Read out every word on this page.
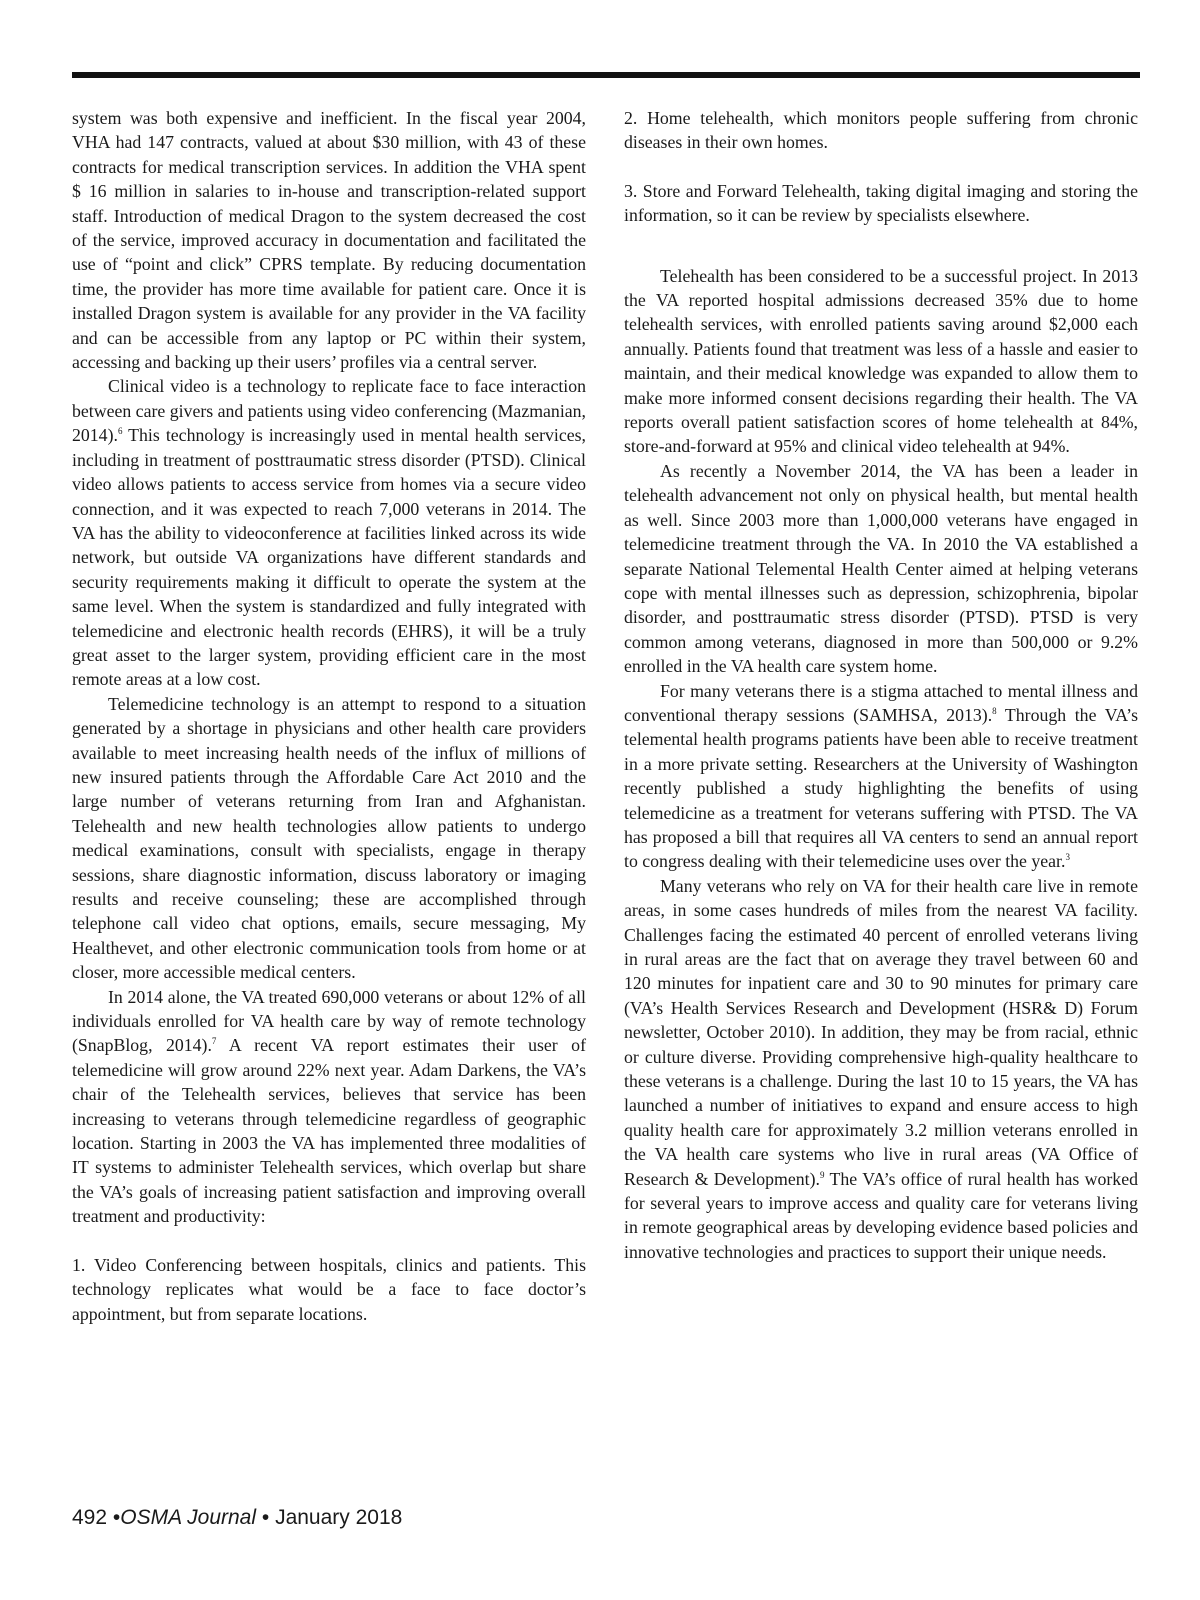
system was both expensive and inefficient. In the fiscal year 2004, VHA had 147 contracts, valued at about $30 million, with 43 of these contracts for medical transcription services. In addition the VHA spent $ 16 million in salaries to in-house and transcription-related support staff. Introduction of medical Dragon to the system decreased the cost of the service, improved accuracy in documentation and facilitated the use of “point and click” CPRS template. By reducing documentation time, the provider has more time available for patient care. Once it is installed Dragon system is available for any provider in the VA facility and can be accessible from any laptop or PC within their system, accessing and backing up their users’ profiles via a central server.

Clinical video is a technology to replicate face to face interaction between care givers and patients using video conferencing (Mazmanian, 2014).$^6$ This technology is increasingly used in mental health services, including in treatment of posttraumatic stress disorder (PTSD). Clinical video allows patients to access service from homes via a secure video connection, and it was expected to reach 7,000 veterans in 2014. The VA has the ability to videoconference at facilities linked across its wide network, but outside VA organizations have different standards and security requirements making it difficult to operate the system at the same level. When the system is standardized and fully integrated with telemedicine and electronic health records (EHRS), it will be a truly great asset to the larger system, providing efficient care in the most remote areas at a low cost.

Telemedicine technology is an attempt to respond to a situation generated by a shortage in physicians and other health care providers available to meet increasing health needs of the influx of millions of new insured patients through the Affordable Care Act 2010 and the large number of veterans returning from Iran and Afghanistan. Telehealth and new health technologies allow patients to undergo medical examinations, consult with specialists, engage in therapy sessions, share diagnostic information, discuss laboratory or imaging results and receive counseling; these are accomplished through telephone call video chat options, emails, secure messaging, My Healthevet, and other electronic communication tools from home or at closer, more accessible medical centers.

In 2014 alone, the VA treated 690,000 veterans or about 12% of all individuals enrolled for VA health care by way of remote technology (SnapBlog, 2014).$^7$ A recent VA report estimates their user of telemedicine will grow around 22% next year. Adam Darkens, the VA’s chair of the Telehealth services, believes that service has been increasing to veterans through telemedicine regardless of geographic location. Starting in 2003 the VA has implemented three modalities of IT systems to administer Telehealth services, which overlap but share the VA’s goals of increasing patient satisfaction and improving overall treatment and productivity:

1. Video Conferencing between hospitals, clinics and patients. This technology replicates what would be a face to face doctor’s appointment, but from separate locations.

2. Home telehealth, which monitors people suffering from chronic diseases in their own homes.

3. Store and Forward Telehealth, taking digital imaging and storing the information, so it can be review by specialists elsewhere.

Telehealth has been considered to be a successful project. In 2013 the VA reported hospital admissions decreased 35% due to home telehealth services, with enrolled patients saving around $2,000 each annually. Patients found that treatment was less of a hassle and easier to maintain, and their medical knowledge was expanded to allow them to make more informed consent decisions regarding their health. The VA reports overall patient satisfaction scores of home telehealth at 84%, store-and-forward at 95% and clinical video telehealth at 94%.

As recently a November 2014, the VA has been a leader in telehealth advancement not only on physical health, but mental health as well. Since 2003 more than 1,000,000 veterans have engaged in telemedicine treatment through the VA. In 2010 the VA established a separate National Telemental Health Center aimed at helping veterans cope with mental illnesses such as depression, schizophrenia, bipolar disorder, and posttraumatic stress disorder (PTSD). PTSD is very common among veterans, diagnosed in more than 500,000 or 9.2% enrolled in the VA health care system home.

For many veterans there is a stigma attached to mental illness and conventional therapy sessions (SAMHSA, 2013).$^8$ Through the VA’s telemental health programs patients have been able to receive treatment in a more private setting. Researchers at the University of Washington recently published a study highlighting the benefits of using telemedicine as a treatment for veterans suffering with PTSD. The VA has proposed a bill that requires all VA centers to send an annual report to congress dealing with their telemedicine uses over the year.$^3$

Many veterans who rely on VA for their health care live in remote areas, in some cases hundreds of miles from the nearest VA facility. Challenges facing the estimated 40 percent of enrolled veterans living in rural areas are the fact that on average they travel between 60 and 120 minutes for inpatient care and 30 to 90 minutes for primary care (VA’s Health Services Research and Development (HSR& D) Forum newsletter, October 2010). In addition, they may be from racial, ethnic or culture diverse. Providing comprehensive high-quality healthcare to these veterans is a challenge. During the last 10 to 15 years, the VA has launched a number of initiatives to expand and ensure access to high quality health care for approximately 3.2 million veterans enrolled in the VA health care systems who live in rural areas (VA Office of Research & Development).$^9$ The VA’s office of rural health has worked for several years to improve access and quality care for veterans living in remote geographical areas by developing evidence based policies and innovative technologies and practices to support their unique needs.

492 •OSMA Journal • January 2018
